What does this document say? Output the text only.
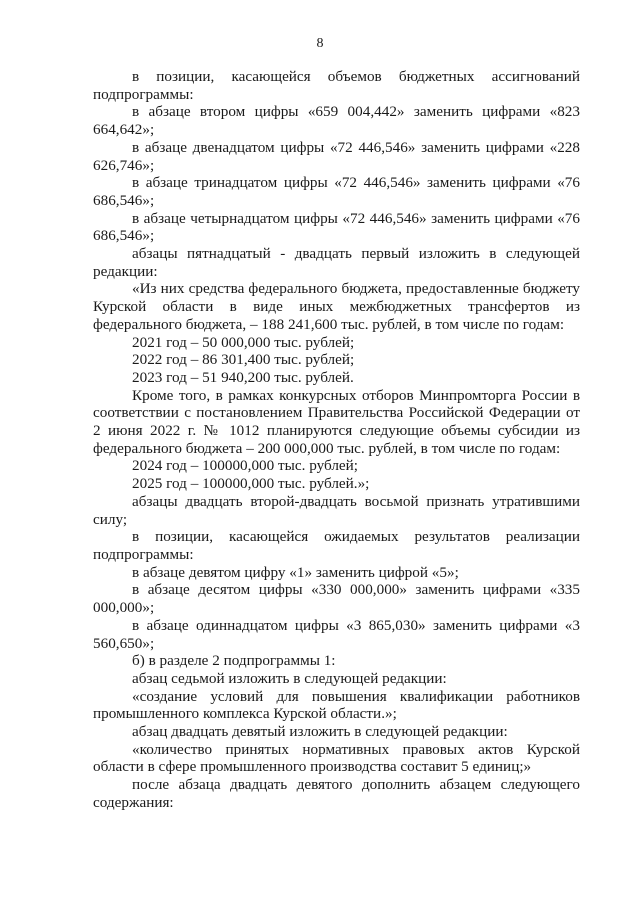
8

в позиции, касающейся объемов бюджетных ассигнований подпрограммы:

в абзаце втором цифры «659 004,442» заменить цифрами «823 664,642»;

в абзаце двенадцатом цифры «72 446,546» заменить цифрами «228 626,746»;

в абзаце тринадцатом цифры «72 446,546» заменить цифрами «76 686,546»;

в абзаце четырнадцатом цифры «72 446,546» заменить цифрами «76 686,546»;

абзацы пятнадцатый - двадцать первый изложить в следующей редакции:

«Из них средства федерального бюджета, предоставленные бюджету Курской области в виде иных межбюджетных трансфертов из федерального бюджета, – 188 241,600 тыс. рублей, в том числе по годам:

2021 год – 50 000,000 тыс. рублей;

2022 год – 86 301,400 тыс. рублей;

2023 год – 51 940,200 тыс. рублей.

Кроме того, в рамках конкурсных отборов Минпромторга России в соответствии с постановлением Правительства Российской Федерации от 2 июня 2022 г. № 1012 планируются следующие объемы субсидии из федерального бюджета – 200 000,000 тыс. рублей, в том числе по годам:

2024 год – 100000,000 тыс. рублей;

2025 год – 100000,000 тыс. рублей.»;

абзацы двадцать второй-двадцать восьмой признать утратившими силу;

в позиции, касающейся ожидаемых результатов реализации подпрограммы:

в абзаце девятом цифру «1» заменить цифрой «5»;

в абзаце десятом цифры «330 000,000» заменить цифрами «335 000,000»;

в абзаце одиннадцатом цифры «3 865,030» заменить цифрами «3 560,650»;

б) в разделе 2 подпрограммы 1:

абзац седьмой изложить в следующей редакции:

«создание условий для повышения квалификации работников промышленного комплекса Курской области.»;

абзац двадцать девятый изложить в следующей редакции:

«количество принятых нормативных правовых актов Курской области в сфере промышленного производства составит 5 единиц;»

после абзаца двадцать девятого дополнить абзацем следующего содержания:
